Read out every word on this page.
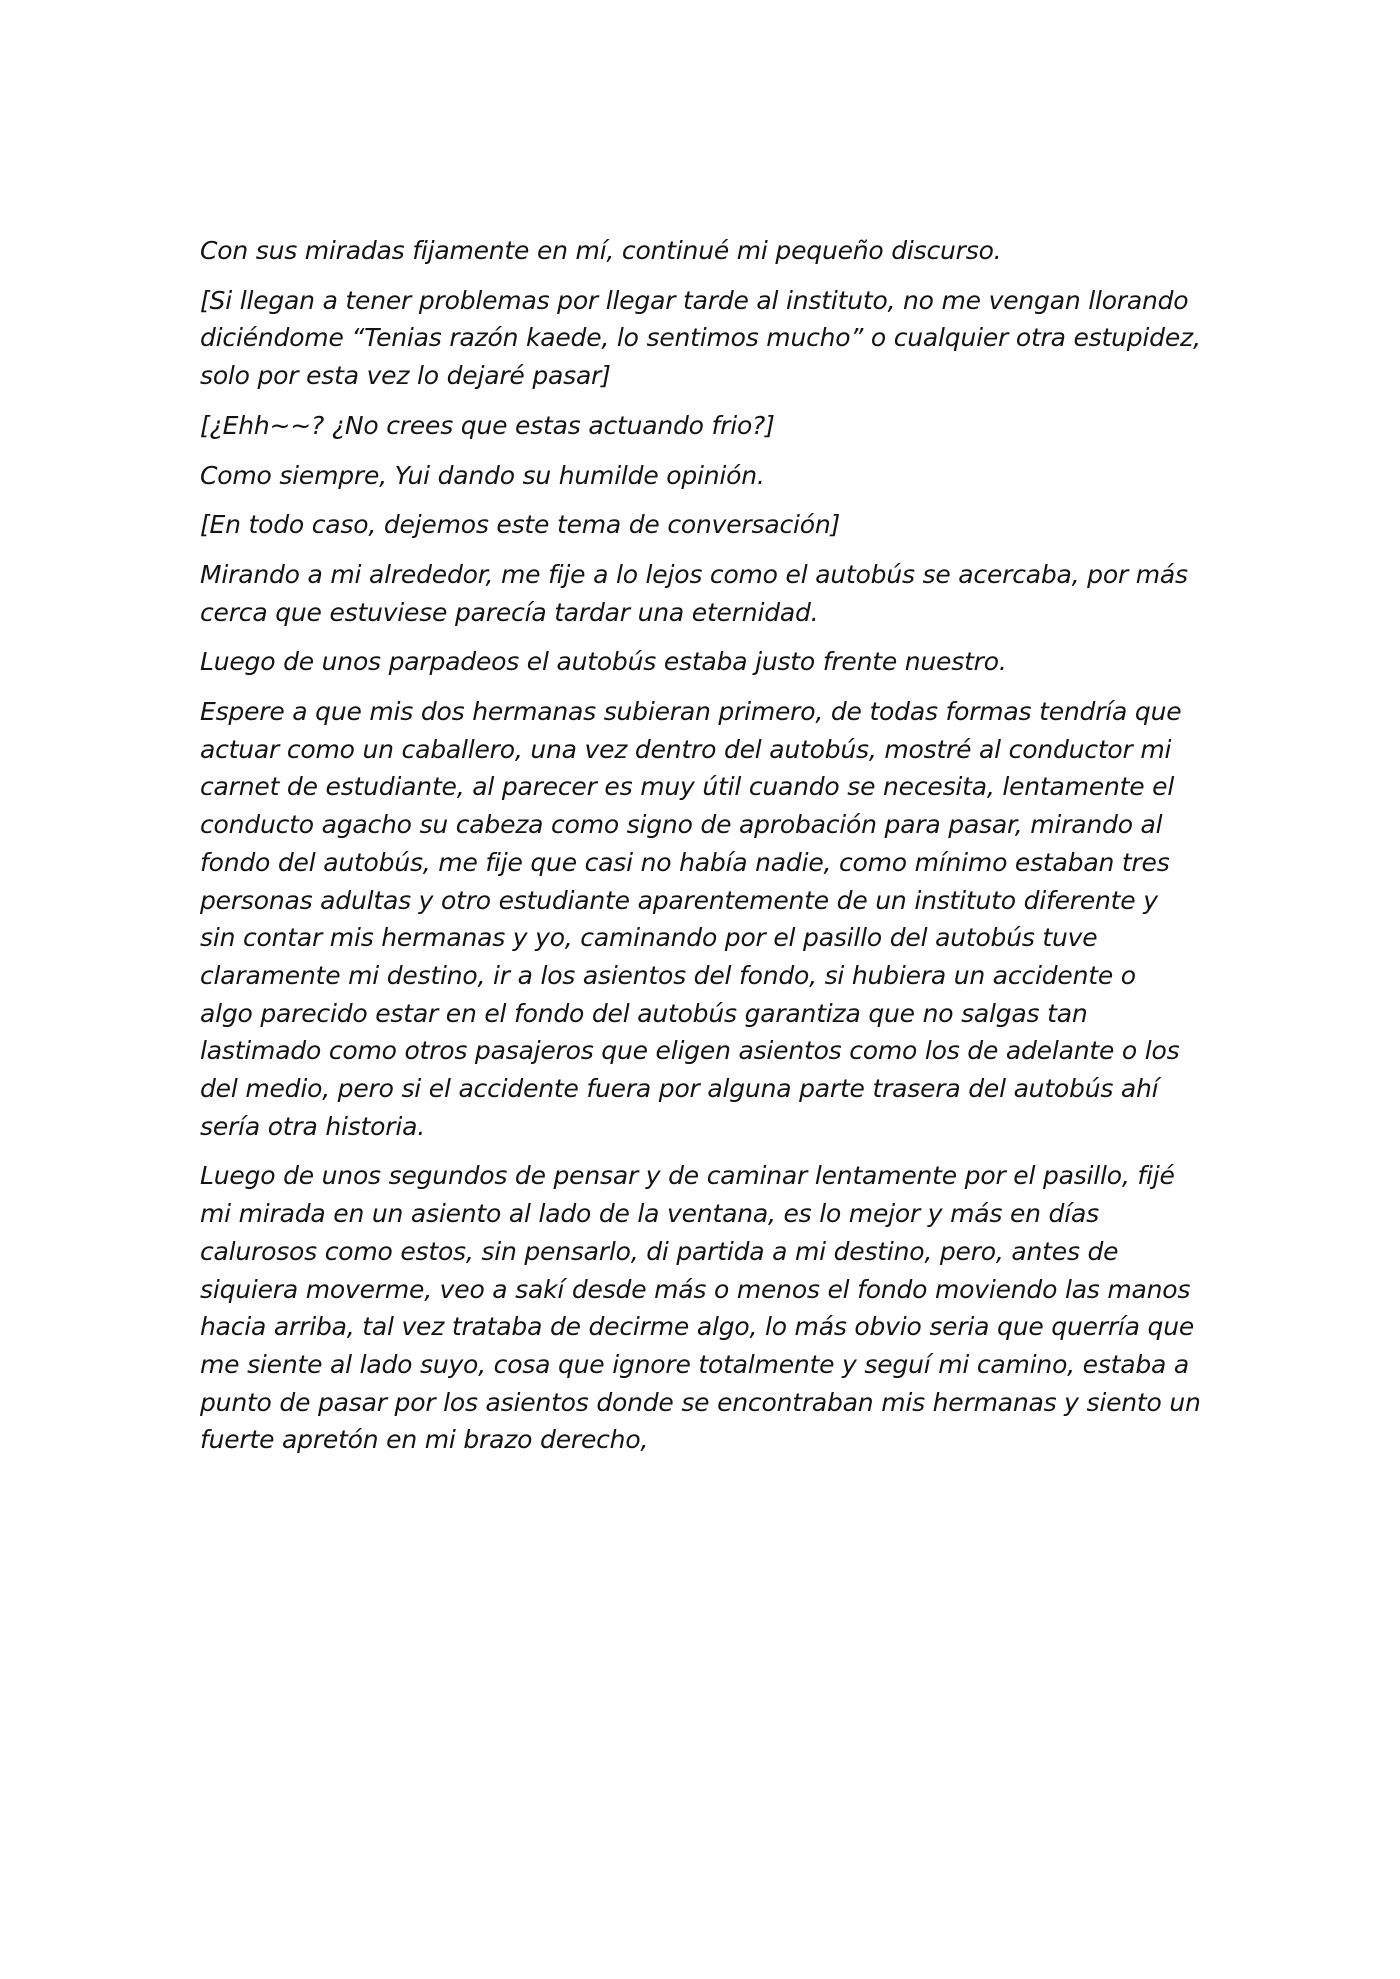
Con sus miradas fijamente en mí, continué mi pequeño discurso.

[Si llegan a tener problemas por llegar tarde al instituto, no me vengan llorando
diciéndome “Tenias razón kaede, lo sentimos mucho” o cualquier otra estupidez,
solo por esta vez lo dejaré pasar]

[¿Ehh~~? ¿No crees que estas actuando frio?]

Como siempre, Yui dando su humilde opinión.

[En todo caso, dejemos este tema de conversación]

Mirando a mi alrededor, me fije a lo lejos como el autobús se acercaba, por más
cerca que estuviese parecía tardar una eternidad.

Luego de unos parpadeos el autobús estaba justo frente nuestro.

Espere a que mis dos hermanas subieran primero, de todas formas tendría que
actuar como un caballero, una vez dentro del autobús, mostré al conductor mi
carnet de estudiante, al parecer es muy útil cuando se necesita, lentamente el
conducto agacho su cabeza como signo de aprobación para pasar, mirando al
fondo del autobús, me fije que casi no había nadie, como mínimo estaban tres
personas adultas y otro estudiante aparentemente de un instituto diferente y
sin contar mis hermanas y yo, caminando por el pasillo del autobús tuve
claramente mi destino, ir a los asientos del fondo, si hubiera un accidente o
algo parecido estar en el fondo del autobús garantiza que no salgas tan
lastimado como otros pasajeros que eligen asientos como los de adelante o los
del medio, pero si el accidente fuera por alguna parte trasera del autobús ahí
sería otra historia.

Luego de unos segundos de pensar y de caminar lentamente por el pasillo, fijé
mi mirada en un asiento al lado de la ventana, es lo mejor y más en días
calurosos como estos, sin pensarlo, di partida a mi destino, pero, antes de
siquiera moverme, veo a sakí desde más o menos el fondo moviendo las manos
hacia arriba, tal vez trataba de decirme algo, lo más obvio seria que querría que
me siente al lado suyo, cosa que ignore totalmente y seguí mi camino, estaba a
punto de pasar por los asientos donde se encontraban mis hermanas y siento un
fuerte apretón en mi brazo derecho,
